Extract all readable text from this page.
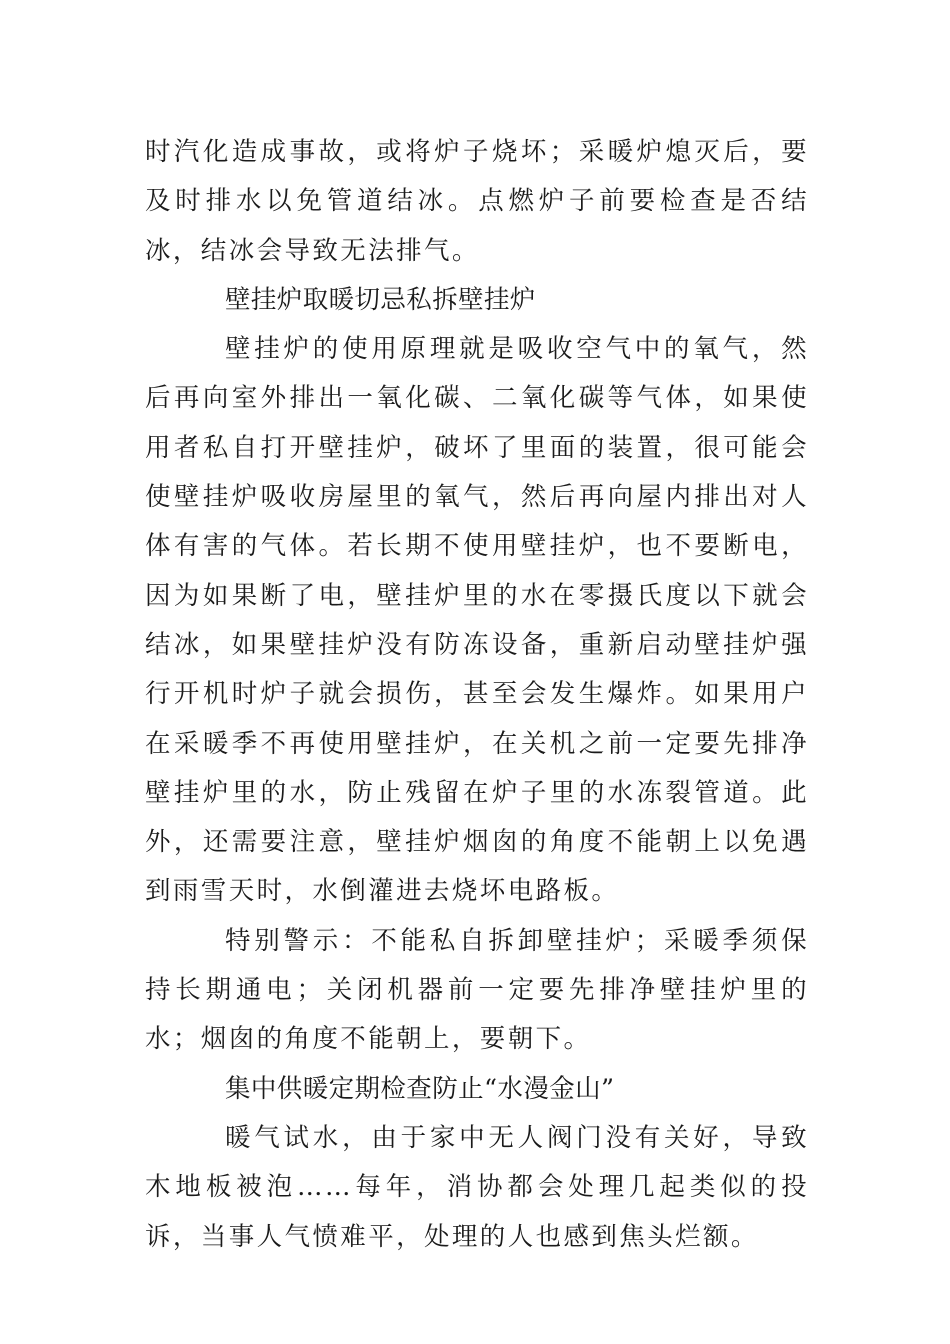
时汽化造成事故，或将炉子烧坏；采暖炉熄灭后，要及时排水以免管道结冰。点燃炉子前要检查是否结冰，结冰会导致无法排气。

壁挂炉取暖切忌私拆壁挂炉

壁挂炉的使用原理就是吸收空气中的氧气，然后再向室外排出一氧化碳、二氧化碳等气体，如果使用者私自打开壁挂炉，破坏了里面的装置，很可能会使壁挂炉吸收房屋里的氧气，然后再向屋内排出对人体有害的气体。若长期不使用壁挂炉，也不要断电，因为如果断了电，壁挂炉里的水在零摄氏度以下就会结冰，如果壁挂炉没有防冻设备，重新启动壁挂炉强行开机时炉子就会损伤，甚至会发生爆炸。如果用户在采暖季不再使用壁挂炉，在关机之前一定要先排净壁挂炉里的水，防止残留在炉子里的水冻裂管道。此外，还需要注意，壁挂炉烟囱的角度不能朝上以免遇到雨雪天时，水倒灌进去烧坏电路板。

特别警示：不能私自拆卸壁挂炉；采暖季须保持长期通电；关闭机器前一定要先排净壁挂炉里的水；烟囱的角度不能朝上，要朝下。

集中供暖定期检查防止“水漫金山”

暖气试水，由于家中无人阀门没有关好，导致木地板被泡……每年，消协都会处理几起类似的投诉，当事人气愤难平，处理的人也感到焦头烂额。
